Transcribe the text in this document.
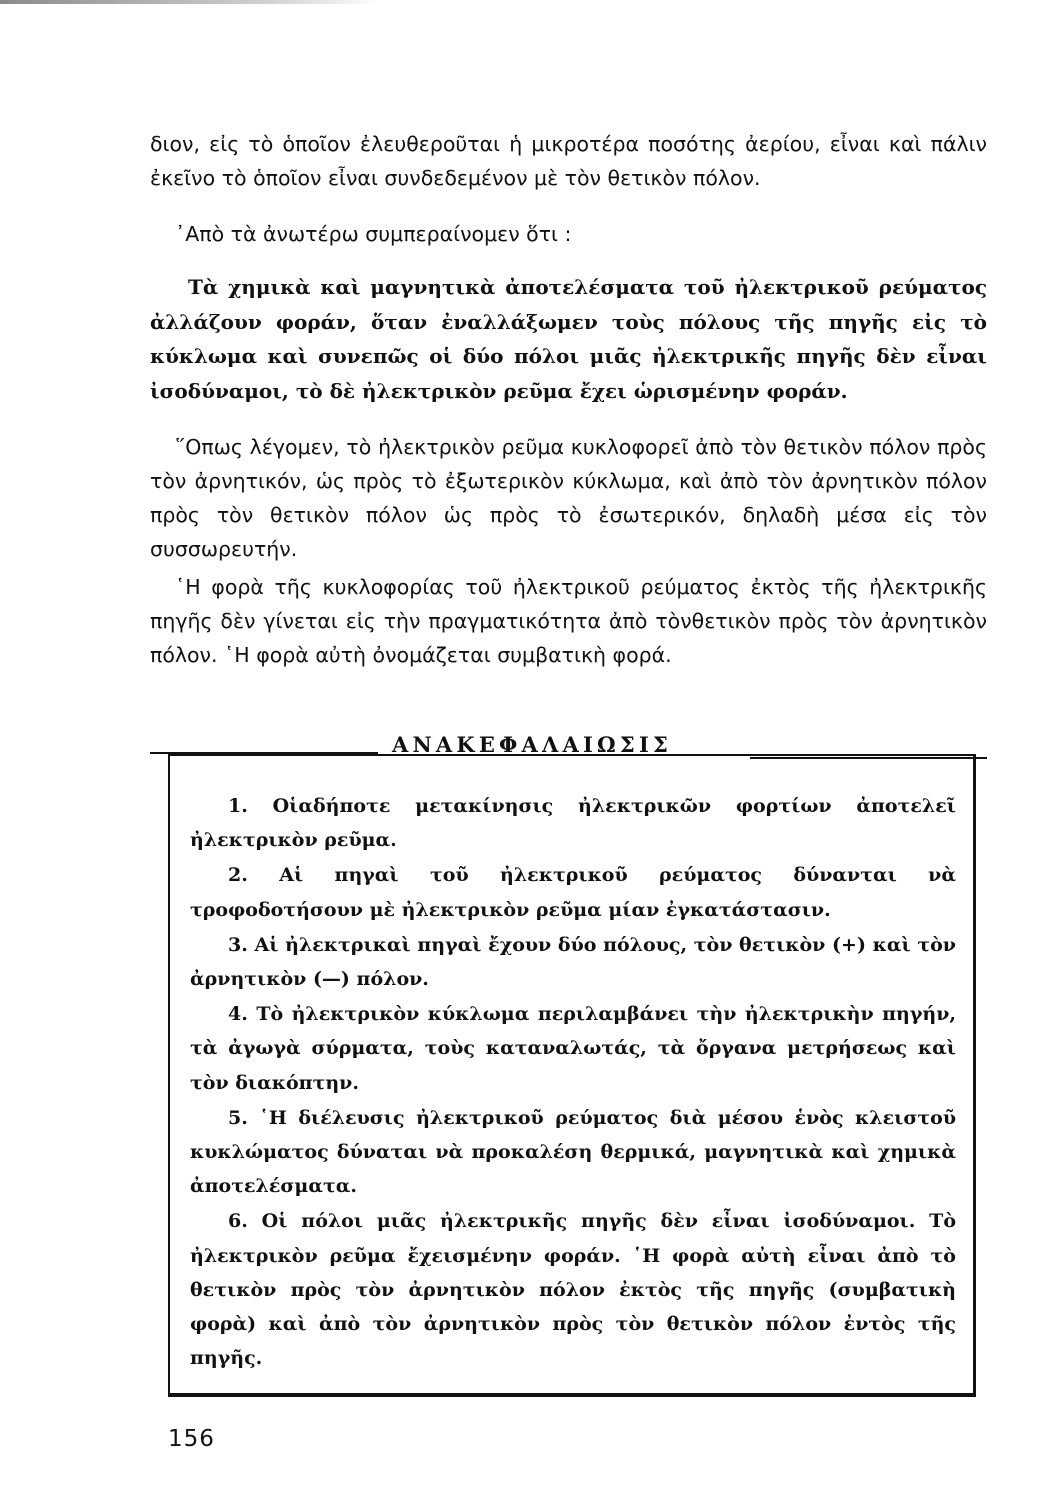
διον, εἰς τὸ ὁποῖον ἐλευθεροῦται ἡ μικροτέρα ποσότης ἀερίου, εἶναι καὶ πάλιν ἐκεῖνο τὸ ὁποῖον εἶναι συνδεδεμένον μὲ τὸν θετικὸν πόλον.

᾿Απὸ τὰ ἀνωτέρω συμπεραίνομεν ὅτι :

Τὰ χημικὰ καὶ μαγνητικὰ ἀποτελέσματα τοῦ ἠλεκτρικοῦ ρεύματος ἀλλάζουν φοράν, ὅταν ἐναλλάξωμεν τοὺς πόλους τῆς πηγῆς εἰς τὸ κύκλωμα καὶ συνεπῶς οἱ δύο πόλοι μιᾶς ἠλεκτρικῆς πηγῆς δὲν εἶναι ἰσοδύναμοι, τὸ δὲ ἠλεκτρικὸν ρεῦμα ἔχει ὡρισμένην φοράν.

῞Οπως λέγομεν, τὸ ἠλεκτρικὸν ρεῦμα κυκλοφορεῖ ἀπὸ τὸν θετικὸν πόλον πρὸς τὸν ἀρνητικόν, ὡς πρὸς τὸ ἐξωτερικὸν κύκλωμα, καὶ ἀπὸ τὸν ἀρνητικὸν πόλον πρὸς τὸν θετικὸν πόλον ὡς πρὸς τὸ ἐσωτερικόν, δηλαδὴ μέσα εἰς τὸν συσσωρευτήν.

῾Η φορὰ τῆς κυκλοφορίας τοῦ ἠλεκτρικοῦ ρεύματος ἐκτὸς τῆς ἠλεκτρικῆς πηγῆς δὲν γίνεται εἰς τὴν πραγματικότητα ἀπὸ τὸνθετικὸν πρὸς τὸν ἀρνητικὸν πόλον. ῾Η φορὰ αὐτὴ ὀνομάζεται συμβατικὴ φορά.

ΑΝΑΚΕΦΑΛΑΙΩΣΙΣ
1. Οἱαδήποτε μετακίνησις ἠλεκτρικῶν φορτίων ἀποτελεῖ ἠλεκτρικὸν ρεῦμα.
2. Αἱ πηγαὶ τοῦ ἠλεκτρικοῦ ρεύματος δύνανται νὰ τροφοδοτήσουν μὲ ἠλεκτρικὸν ρεῦμα μίαν ἐγκατάστασιν.
3. Αἱ ἠλεκτρικαὶ πηγαὶ ἔχουν δύο πόλους, τὸν θετικὸν (+) καὶ τὸν ἀρνητικὸν (—) πόλον.
4. Τὸ ἠλεκτρικὸν κύκλωμα περιλαμβάνει τὴν ἠλεκτρικὴν πηγήν, τὰ ἀγωγὰ σύρματα, τοὺς καταναλωτάς, τὰ ὄργανα μετρήσεως καὶ τὸν διακόπτην.
5. ῾Η διέλευσις ἠλεκτρικοῦ ρεύματος διὰ μέσου ἑνὸς κλειστοῦ κυκλώματος δύναται νὰ προκαλέση θερμικά, μαγνητικὰ καὶ χημικὰ ἀποτελέσματα.
6. Οἱ πόλοι μιᾶς ἠλεκτρικῆς πηγῆς δὲν εἶναι ἰσοδύναμοι. Τὸ ἠλεκτρικὸν ρεῦμα ἔχεισμένην φοράν. ῾Η φορὰ αὐτὴ εἶναι ἀπὸ τὸ θετικὸν πρὸς τὸν ἀρνητικὸν πόλον ἐκτὸς τῆς πηγῆς (συμβατικὴ φορὰ) καὶ ἀπὸ τὸν ἀρνητικὸν πρὸς τὸν θετικὸν πόλον ἐντὸς τῆς πηγῆς.
156
